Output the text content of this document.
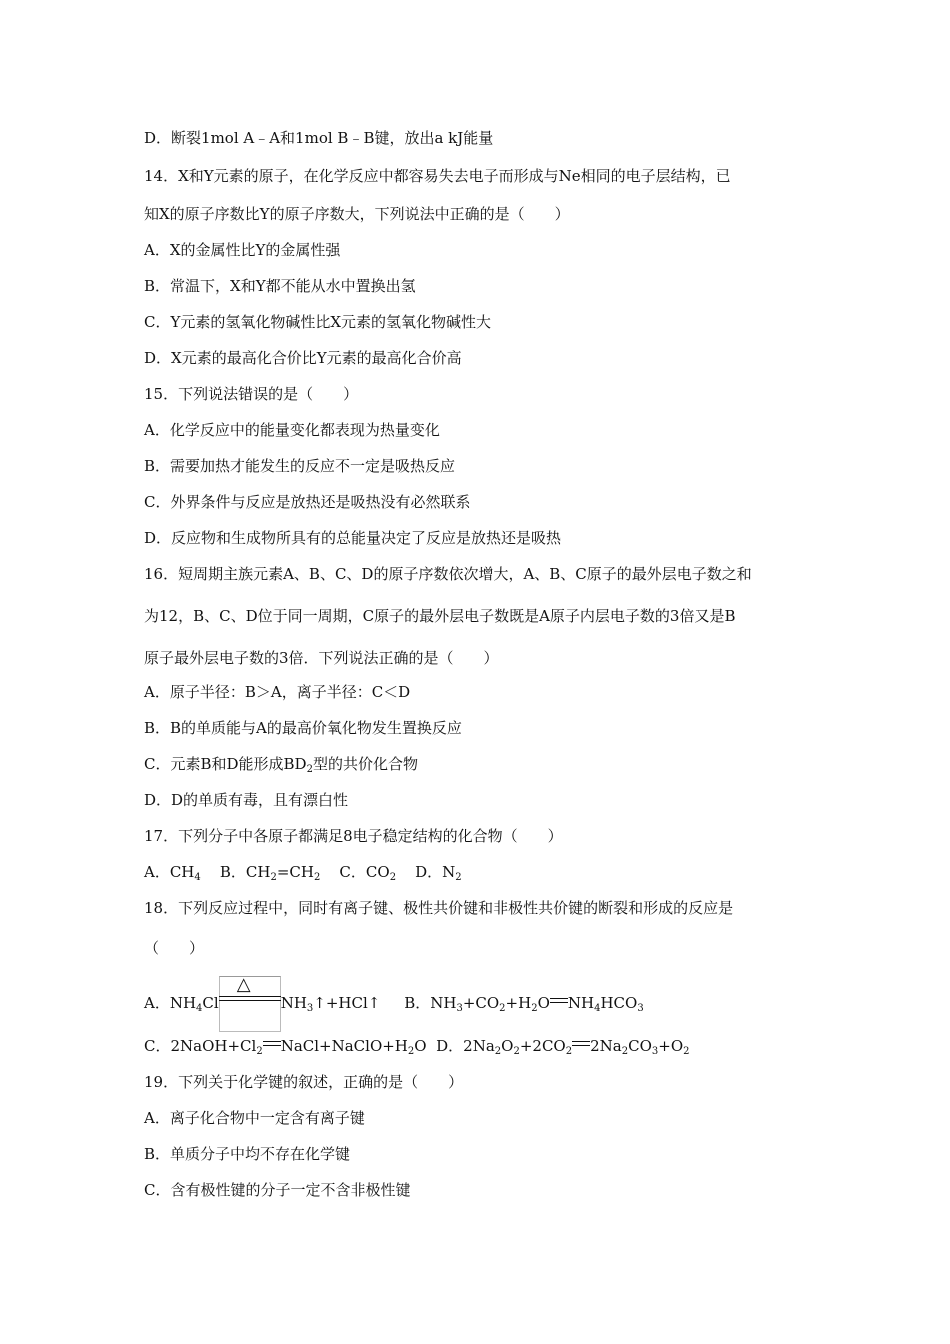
D．断裂1mol A﹣A和1mol B﹣B键，放出a kJ能量
14．X和Y元素的原子，在化学反应中都容易失去电子而形成与Ne相同的电子层结构，已
知X的原子序数比Y的原子序数大，下列说法中正确的是（　　）
A．X的金属性比Y的金属性强
B．常温下，X和Y都不能从水中置换出氢
C．Y元素的氢氧化物碱性比X元素的氢氧化物碱性大
D．X元素的最高化合价比Y元素的最高化合价高
15．下列说法错误的是（　　）
A．化学反应中的能量变化都表现为热量变化
B．需要加热才能发生的反应不一定是吸热反应
C．外界条件与反应是放热还是吸热没有必然联系
D．反应物和生成物所具有的总能量决定了反应是放热还是吸热
16．短周期主族元素A、B、C、D的原子序数依次增大，A、B、C原子的最外层电子数之和
为12，B、C、D位于同一周期，C原子的最外层电子数既是A原子内层电子数的3倍又是B
原子最外层电子数的3倍．下列说法正确的是（　　）
A．原子半径：B＞A，离子半径：C＜D
B．B的单质能与A的最高价氧化物发生置换反应
C．元素B和D能形成$BD_2$型的共价化合物
D．D的单质有毒，且有漂白性
17．下列分子中各原子都满足8电子稳定结构的化合物（　　）
A．$CH_4$ B．$CH_2=CH_2$ C．$CO_2$ D．$N_2$
18．下列反应过程中，同时有离子键、极性共价键和非极性共价键的断裂和形成的反应是
（　　）
A．$NH_4Cl$
△
$NH_3↑+HCl↑$ B．$NH_3+CO_2+H_2O$ $NH_4HCO_3$
C．$2NaOH+Cl_2$ $NaCl+NaClO+H_2O$ D．$2Na_2O_2+2CO_2$ $2Na_2CO_3+O_2$
19．下列关于化学键的叙述，正确的是（　　）
A．离子化合物中一定含有离子键
B．单质分子中均不存在化学键
C．含有极性键的分子一定不含非极性键
